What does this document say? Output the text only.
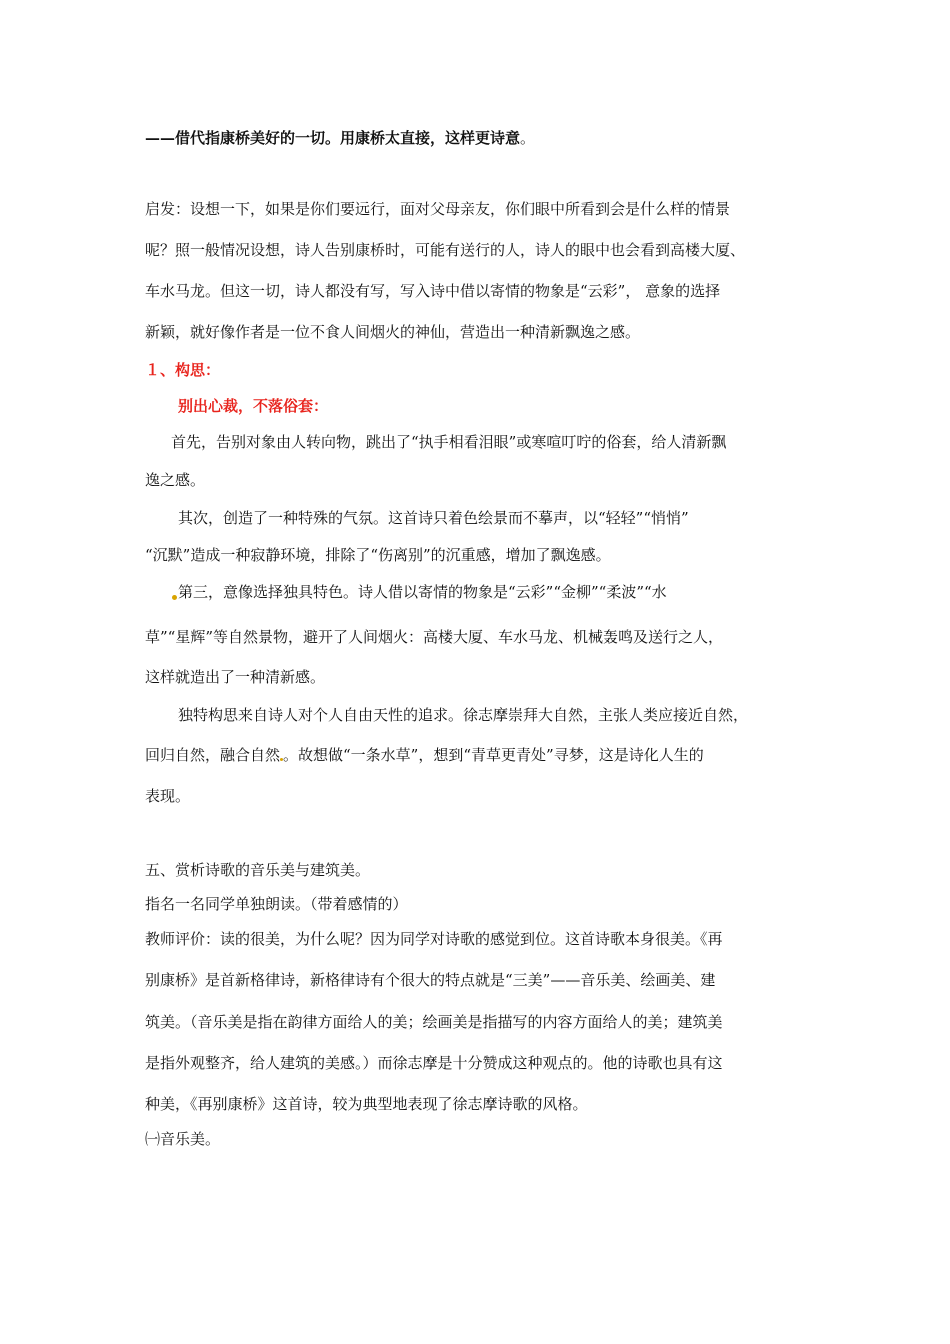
——借代指康桥美好的一切。用康桥太直接，这样更诗意。
启发：设想一下，如果是你们要远行，面对父母亲友，你们眼中所看到会是什么样的情景
呢？照一般情况设想，诗人告别康桥时，可能有送行的人，诗人的眼中也会看到高楼大厦、
车水马龙。但这一切，诗人都没有写，写入诗中借以寄情的物象是“云彩”， 意象的选择
新颖，就好像作者是一位不食人间烟火的神仙，营造出一种清新飘逸之感。
１、构思：
别出心裁，不落俗套：
首先，告别对象由人转向物，跳出了“执手相看泪眼”或寒喧叮咛的俗套，给人清新飘
逸之感。
其次，创造了一种特殊的气氛。这首诗只着色绘景而不摹声，以“轻轻”“悄悄”
“沉默”造成一种寂静环境，排除了“伤离别”的沉重感，增加了飘逸感。
第三，意像选择独具特色。诗人借以寄情的物象是“云彩”“金柳”“柔波”“水
草”“星辉”等自然景物，避开了人间烟火：高楼大厦、车水马龙、机械轰鸣及送行之人，
这样就造出了一种清新感。
独特构思来自诗人对个人自由天性的追求。徐志摩崇拜大自然，主张人类应接近自然，
回归自然，融合自然 。故想做“一条水草”，想到“青草更青处”寻梦，这是诗化人生的
表现。
五、赏析诗歌的音乐美与建筑美。
指名一名同学单独朗读。（带着感情的）
教师评价：读的很美，为什么呢？因为同学对诗歌的感觉到位。这首诗歌本身很美。《再
别康桥》是首新格律诗，新格律诗有个很大的特点就是“三美”——音乐美、绘画美、建
筑美。（音乐美是指在韵律方面给人的美；绘画美是指描写的内容方面给人的美；建筑美
是指外观整齐，给人建筑的美感。）而徐志摩是十分赞成这种观点的。他的诗歌也具有这
种美，《再别康桥》这首诗，较为典型地表现了徐志摩诗歌的风格。
㈠音乐美。
